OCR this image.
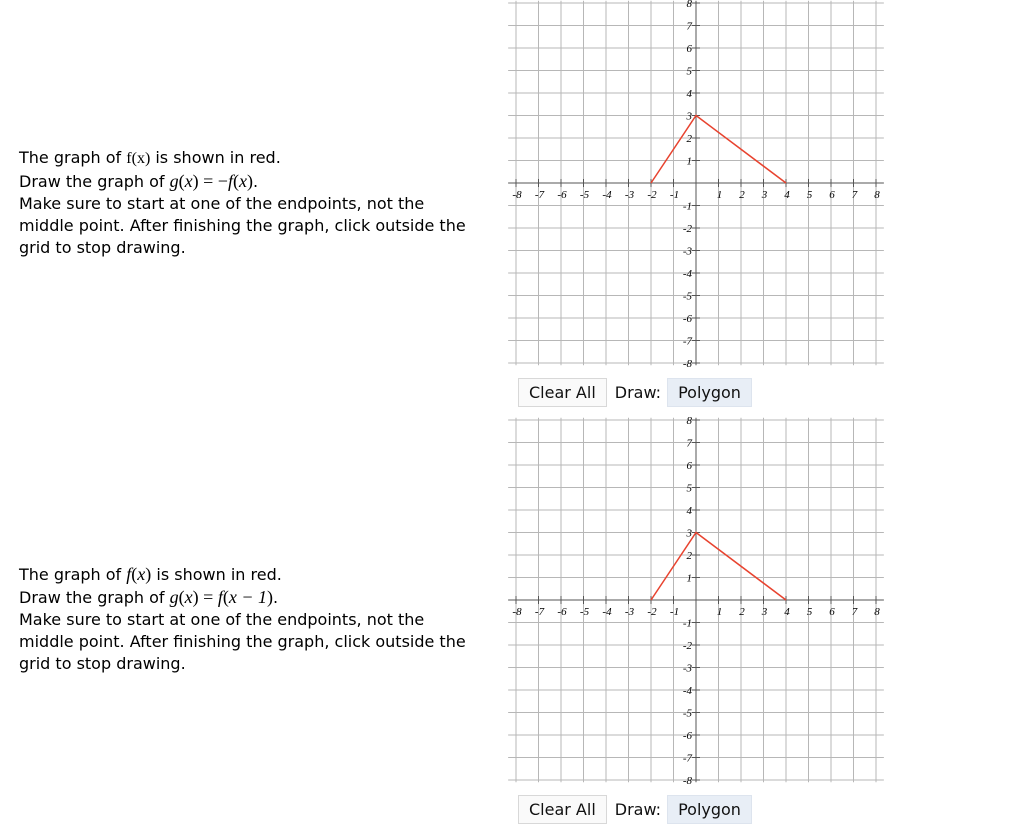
The graph of f(x) is shown in red.

Draw the graph of g(x) = −f(x).

Make sure to start at one of the endpoints, not the

middle point. After finishing the graph, click outside the

grid to stop drawing.

-8 -7 -6 -5 -4 -3 -2 -1	1 2 3 4 5 6 7 8
8
7
6
5
4
3
2
1
-1
-2
-3
-4
-5
-6
-7
-8
Clear All	Draw:	Polygon

The graph of f(x) is shown in red.

Draw the graph of g(x) = f(x − 1).

Make sure to start at one of the endpoints, not the

middle point. After finishing the graph, click outside the

grid to stop drawing.

-8 -7 -6 -5 -4 -3 -2 -1	1 2 3 4 5 6 7 8
8
7
6
5
4
3
2
1
-1
-2
-3
-4
-5
-6
-7
-8
Clear All	Draw:	Polygon
